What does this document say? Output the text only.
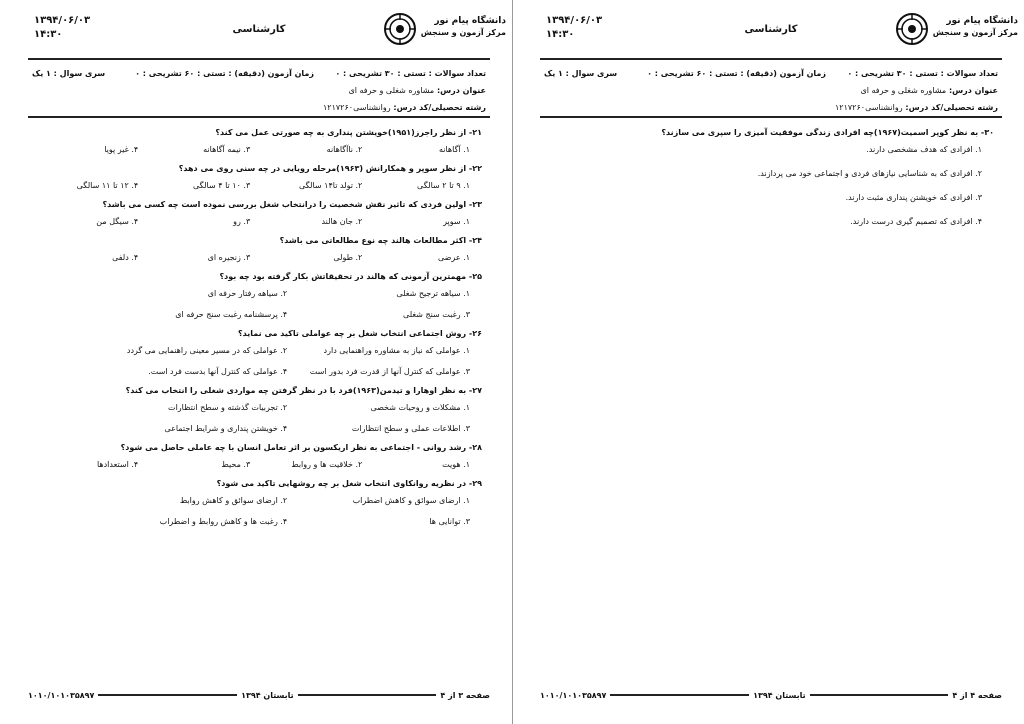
دانشگاه پیام نور
مرکز آزمون و سنجش
کارشناسی
۱۳۹۴/۰۶/۰۳
۱۴:۳۰
تعداد سوالات : تستی : ۳۰ تشریحی : ۰
زمان آزمون (دقیقه) : تستی : ۶۰ تشریحی : ۰
سری سوال : ۱ یک
عنوان درس: مشاوره شغلی و حرفه ای
رشته تحصیلی/کد درس: روانشناسی۱۲۱۷۲۶۰
۲۱- از نظر راجرز(۱۹۵۱)خویشتن پنداری به چه صورتی عمل می کند؟
۱. آگاهانه
۲. ناآگاهانه
۳. نیمه آگاهانه
۴. غیر پویا
۲۲- از نظر سوپر و همکارانش (۱۹۶۳)مرحله رویایی در چه سنی روی می دهد؟
۱. ۹ تا ۲ سالگی
۲. تولد تا۱۴ سالگی
۳. ۱۰ تا ۴ سالگی
۴. ۱۲ تا ۱۱ سالگی
۲۳- اولین فردی که تاثیر نقش شخصیت را درانتخاب شغل بررسی نموده است چه کسی می باشد؟
۱. سوپر
۲. جان هالند
۳. رو
۴. سیگل من
۲۴- اکثر مطالعات هالند چه نوع مطالعاتی می باشد؟
۱. عرضی
۲. طولی
۳. زنجیره ای
۴. دلفی
۲۵- مهمترین آزمونی که هالند در تحقیقاتش بکار گرفته بود چه بود؟
۱. سیاهه ترجیح شغلی
۲. سیاهه رفتار حرفه ای
۳. رغبت سنج شغلی
۴. پرسشنامه رغبت سنج حرفه ای
۲۶- روش اجتماعی انتخاب شغل بر چه عواملی تاکید می نماید؟
۱. عواملی که نیاز به مشاوره وراهنمایی دارد
۲. عواملی که در مسیر معینی راهنمایی می گردد
۳. عواملی که کنترل آنها از قدرت فرد بدور است
۴. عواملی که کنترل آنها بدست فرد است.
۲۷- به نظر اوهارا و تیدمن(۱۹۶۳)فرد با در نظر گرفتن چه مواردی شغلی را انتخاب می کند؟
۱. مشکلات و روحیات شخصی
۲. تجربیات گذشته و سطح انتظارات
۳. اطلاعات عملی و سطح انتظارات
۴. خویشتن پنداری و شرایط اجتماعی
۲۸- رشد روانی - اجتماعی به نظر اریکسون بر اثر تعامل انسان با چه عاملی حاصل می شود؟
۱. هویت
۲. خلاقیت ها و روابط
۳. محیط
۴. استعدادها
۲۹- در نظریه روانکاوی انتخاب شغل بر چه روشهایی تاکید می شود؟
۱. ارضای سوائق و کاهش اضطراب
۲. ارضای سوائق و کاهش روابط
۳. توانایی ها
۴. رغبت ها و کاهش روابط و اضطراب
صفحه ۳ از ۴
تابستان ۱۳۹۴
۱۰۱۰/۱۰۱۰۳۵۸۹۷
دانشگاه پیام نور
مرکز آزمون و سنجش
کارشناسی
۱۳۹۴/۰۶/۰۳
۱۴:۳۰
تعداد سوالات : تستی : ۳۰ تشریحی : ۰
زمان آزمون (دقیقه) : تستی : ۶۰ تشریحی : ۰
سری سوال : ۱ یک
عنوان درس: مشاوره شغلی و حرفه ای
رشته تحصیلی/کد درس: روانشناسی۱۲۱۷۲۶۰
۳۰- به نظر کوپر اسمیت(۱۹۶۷)چه افرادی زندگی موفقیت آمیزی را سپری می سازند؟
۱. افرادی که هدف مشخصی دارند.
۲. افرادی که به شناسایی نیازهای فردی و اجتماعی خود می پردازند.
۳. افرادی که خویشتن پنداری مثبت دارند.
۴. افرادی که تصمیم گیری درست دارند.
صفحه ۴ از ۴
تابستان ۱۳۹۴
۱۰۱۰/۱۰۱۰۳۵۸۹۷
